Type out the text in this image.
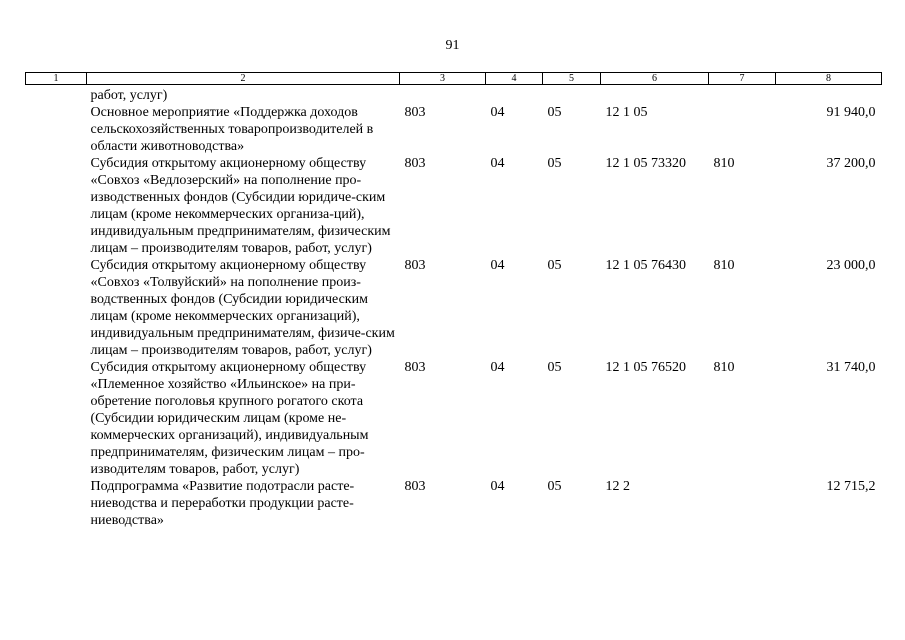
91
1	2	3	4	5	6	7	8

	работ, услуг)						
	Основное мероприятие «Поддержка доходов сельскохозяйственных товаропроизводителей в области животноводства»	803	04	05	12 1 05		91 940,0
	Субсидия открытому акционерному обществу «Совхоз «Ведлозерский» на пополнение про-изводственных фондов (Субсидии юридиче-ским лицам (кроме некоммерческих организа-ций), индивидуальным предпринимателям, физическим лицам – производителям товаров, работ, услуг)	803	04	05	12 1 05 73320	810	37 200,0
	Субсидия открытому акционерному обществу «Совхоз «Толвуйский» на пополнение произ-водственных фондов (Субсидии юридическим лицам (кроме некоммерческих организаций), индивидуальным предпринимателям, физиче-ским лицам – производителям товаров, работ, услуг)	803	04	05	12 1 05 76430	810	23 000,0
	Субсидия открытому акционерному обществу «Племенное хозяйство «Ильинское» на при-обретение поголовья крупного рогатого скота (Субсидии юридическим лицам (кроме не-коммерческих организаций), индивидуальным предпринимателям, физическим лицам – про-изводителям товаров, работ, услуг)	803	04	05	12 1 05 76520	810	31 740,0
	Подпрограмма «Развитие подотрасли расте-ниеводства и переработки продукции расте-ниеводства»	803	04	05	12 2		12 715,2
